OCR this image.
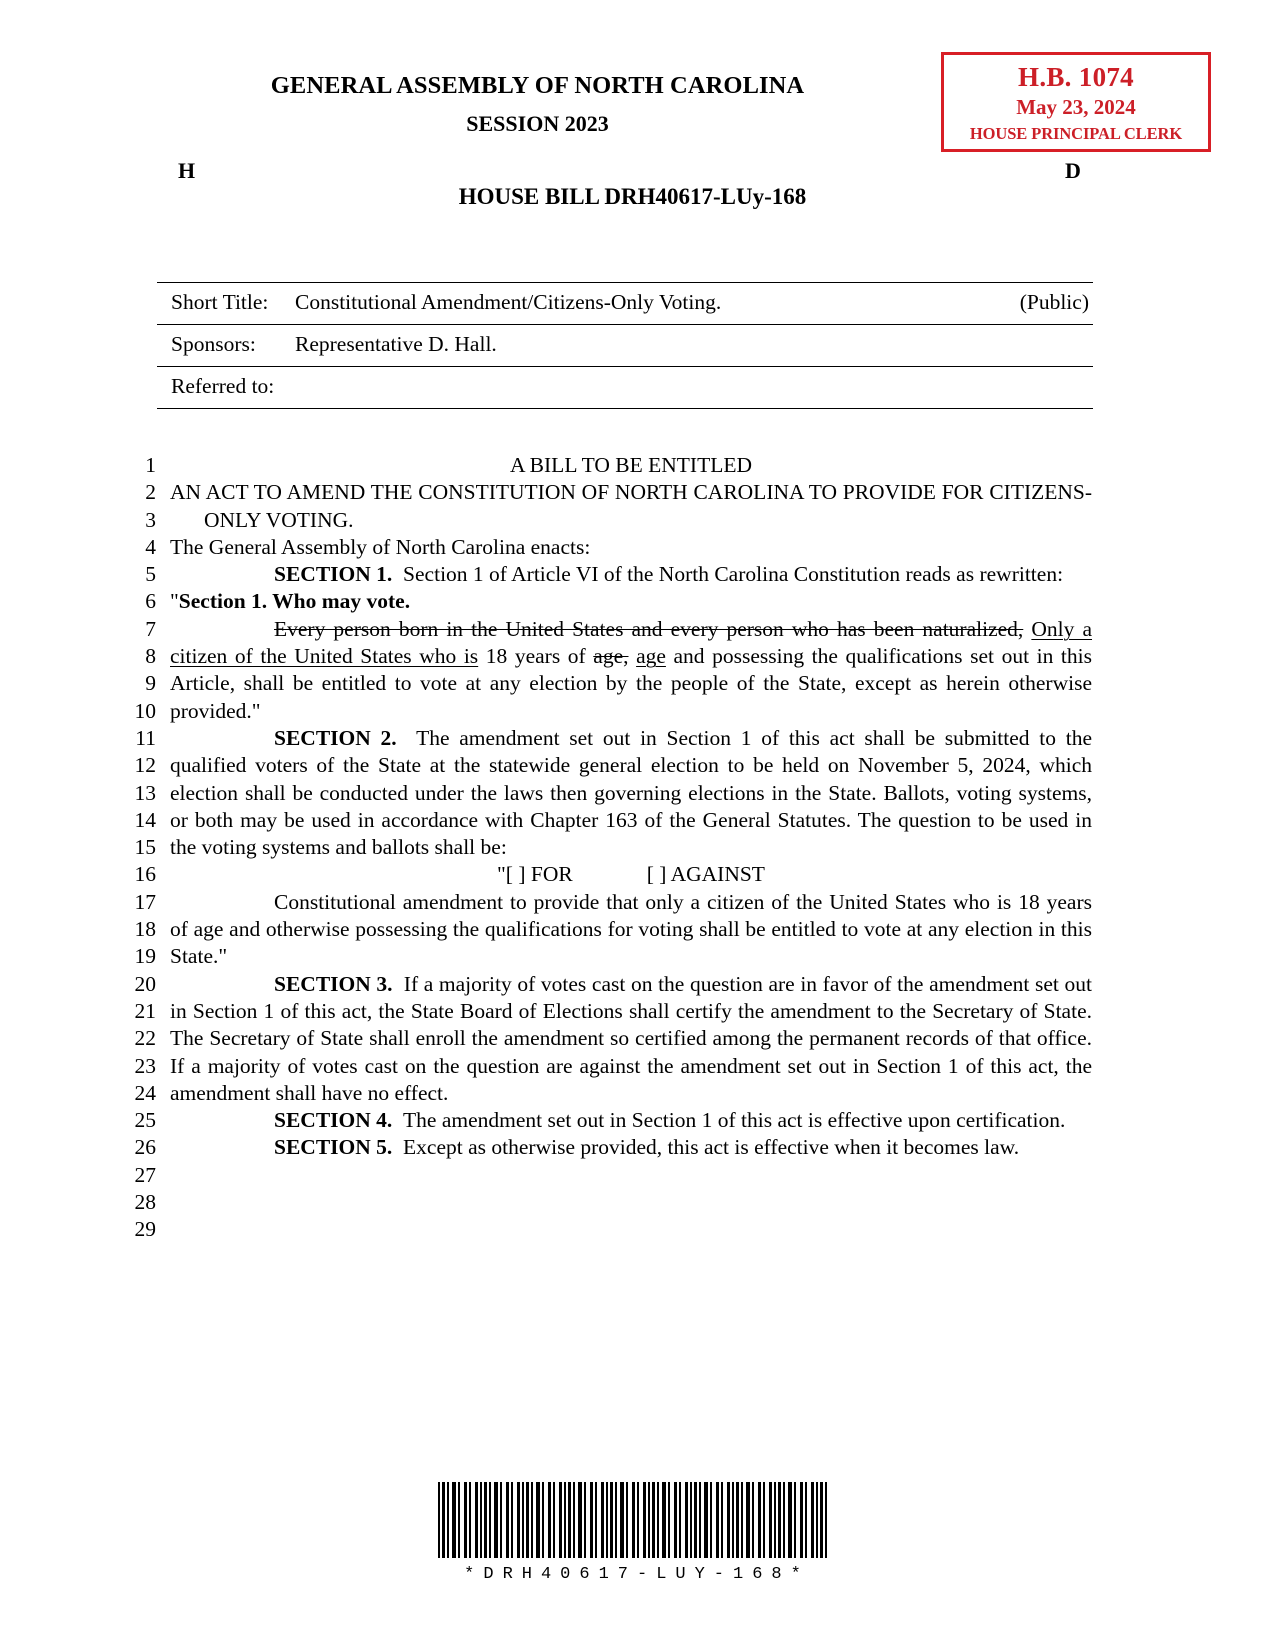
GENERAL ASSEMBLY OF NORTH CAROLINA
SESSION 2023
H.B. 1074
May 23, 2024
HOUSE PRINCIPAL CLERK
H	D
HOUSE BILL DRH40617-LUy-168
Short Title:	Constitutional Amendment/Citizens-Only Voting.	(Public)
Sponsors:	Representative D. Hall.
Referred to:
1
2
3
4
5
6
7
8
9
10
11
12
13
14
15
16
17
18
19
20
21
22
23
24
25
26
27
28
29

A BILL TO BE ENTITLED

AN ACT TO AMEND THE CONSTITUTION OF NORTH CAROLINA TO PROVIDE FOR CITIZENS-ONLY VOTING.

The General Assembly of North Carolina enacts:

SECTION 1. Section 1 of Article VI of the North Carolina Constitution reads as rewritten:

"Section 1. Who may vote.

Every person born in the United States and every person who has been naturalized, Only a citizen of the United States who is 18 years of age, age and possessing the qualifications set out in this Article, shall be entitled to vote at any election by the people of the State, except as herein otherwise provided."

SECTION 2. The amendment set out in Section 1 of this act shall be submitted to the qualified voters of the State at the statewide general election to be held on November 5, 2024, which election shall be conducted under the laws then governing elections in the State. Ballots, voting systems, or both may be used in accordance with Chapter 163 of the General Statutes. The question to be used in the voting systems and ballots shall be:

"[ ] FOR	[ ] AGAINST

Constitutional amendment to provide that only a citizen of the United States who is 18 years of age and otherwise possessing the qualifications for voting shall be entitled to vote at any election in this State."

SECTION 3. If a majority of votes cast on the question are in favor of the amendment set out in Section 1 of this act, the State Board of Elections shall certify the amendment to the Secretary of State. The Secretary of State shall enroll the amendment so certified among the permanent records of that office. If a majority of votes cast on the question are against the amendment set out in Section 1 of this act, the amendment shall have no effect.

SECTION 4. The amendment set out in Section 1 of this act is effective upon certification.

SECTION 5. Except as otherwise provided, this act is effective when it becomes law.

*DRH40617-LUY-168*
